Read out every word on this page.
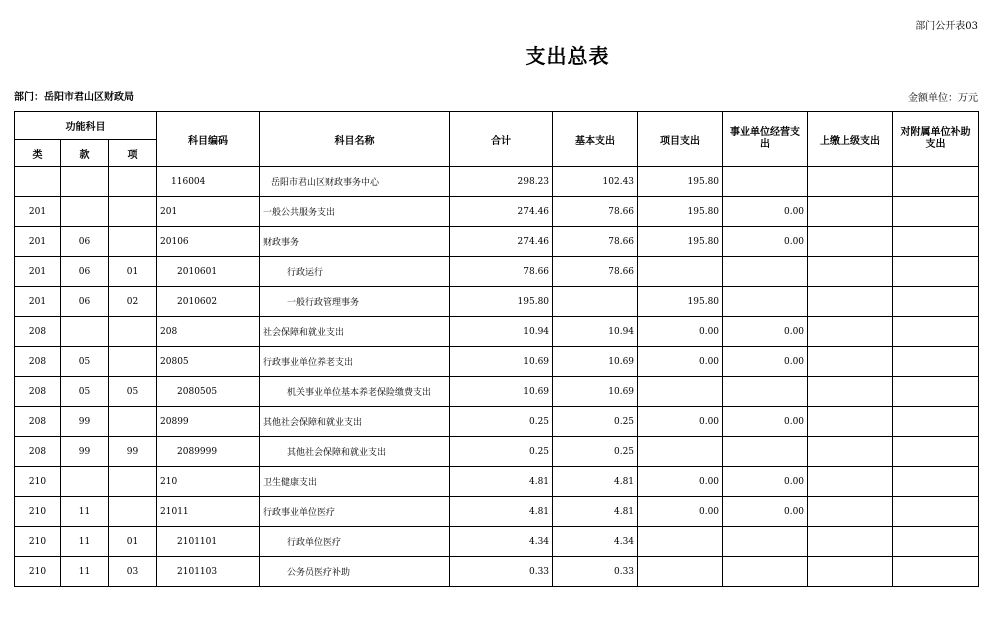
部门公开表03
支出总表
部门：岳阳市君山区财政局	金额单位：万元
功能科目			科目编码	科目名称	合计	基本支出	项目支出	事业单位经营支出	上缴上级支出	对附属单位补助支出
类	款	项								
			116004	岳阳市君山区财政事务中心	298.23	102.43	195.80			
201			201	一般公共服务支出	274.46	78.66	195.80	0.00		
201	06		20106	财政事务	274.46	78.66	195.80	0.00		
201	06	01	2010601	行政运行	78.66	78.66				
201	06	02	2010602	一般行政管理事务	195.80		195.80			
208			208	社会保障和就业支出	10.94	10.94	0.00	0.00		
208	05		20805	行政事业单位养老支出	10.69	10.69	0.00	0.00		
208	05	05	2080505	机关事业单位基本养老保险缴费支出	10.69	10.69				
208	99		20899	其他社会保障和就业支出	0.25	0.25	0.00	0.00		
208	99	99	2089999	其他社会保障和就业支出	0.25	0.25				
210			210	卫生健康支出	4.81	4.81	0.00	0.00		
210	11		21011	行政事业单位医疗	4.81	4.81	0.00	0.00		
210	11	01	2101101	行政单位医疗	4.34	4.34				
210	11	03	2101103	公务员医疗补助	0.33	0.33				
